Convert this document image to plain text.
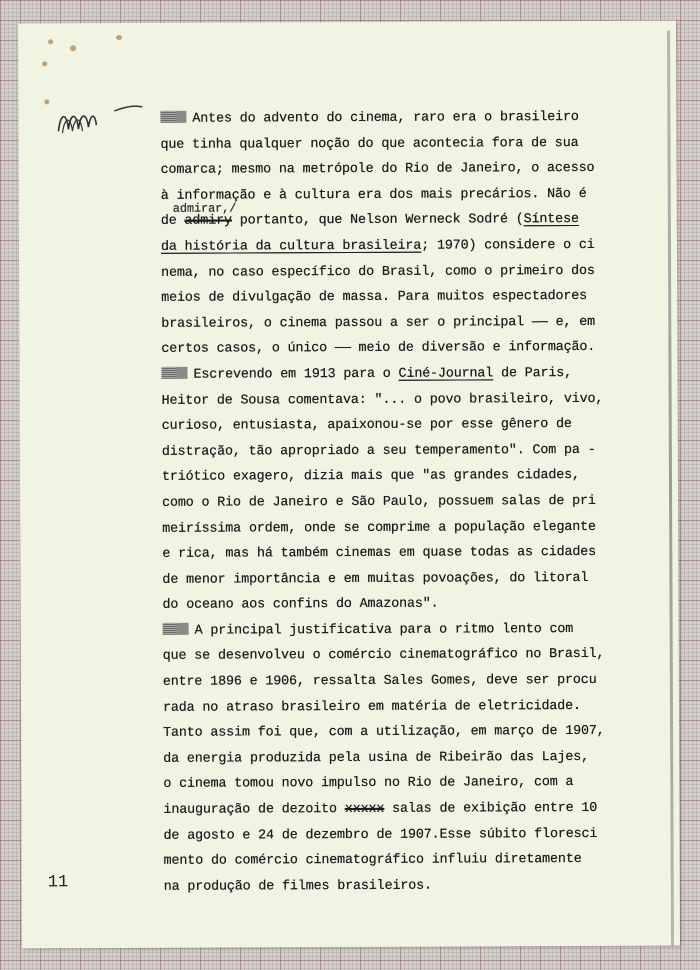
Antes do advento do cinema, raro era o brasileiro
que tinha qualquer noção do que acontecia fora de sua
comarca; mesmo na metrópole do Rio de Janeiro, o acesso
à informação e à cultura era dos mais precários. Não é
de admiry
admirar,/
portanto, que Nelson Werneck Sodré (Síntese
da história da cultura brasileira; 1970) considere o ci
nema, no caso específico do Brasil, como o primeiro dos
meios de divulgação de massa. Para muitos espectadores
brasileiros, o cinema passou a ser o principal —— e, em
certos casos, o único —— meio de diversão e informação.
Escrevendo em 1913 para o Ciné-Journal de Paris,
Heitor de Sousa comentava: "... o povo brasileiro, vivo,
curioso, entusiasta, apaixonou-se por esse gênero de
distração, tão apropriado a seu temperamento". Com pa -
triótico exagero, dizia mais que "as grandes cidades,
como o Rio de Janeiro e São Paulo, possuem salas de pri
meiríssima ordem, onde se comprime a população elegante
e rica, mas há também cinemas em quase todas as cidades
de menor importância e em muitas povoações, do litoral
do oceano aos confins do Amazonas".
A principal justificativa para o ritmo lento com
que se desenvolveu o comércio cinematográfico no Brasil,
entre 1896 e 1906, ressalta Sales Gomes, deve ser procu
rada no atraso brasileiro em matéria de eletricidade.
Tanto assim foi que, com a utilização, em março de 1907,
da energia produzida pela usina de Ribeirão das Lajes,
o cinema tomou novo impulso no Rio de Janeiro, com a
inauguração de dezoito xxxxx salas de exibição entre 10
de agosto e 24 de dezembro de 1907.Esse súbito floresci
mento do comércio cinematográfico influiu diretamente
na produção de filmes brasileiros.
11
